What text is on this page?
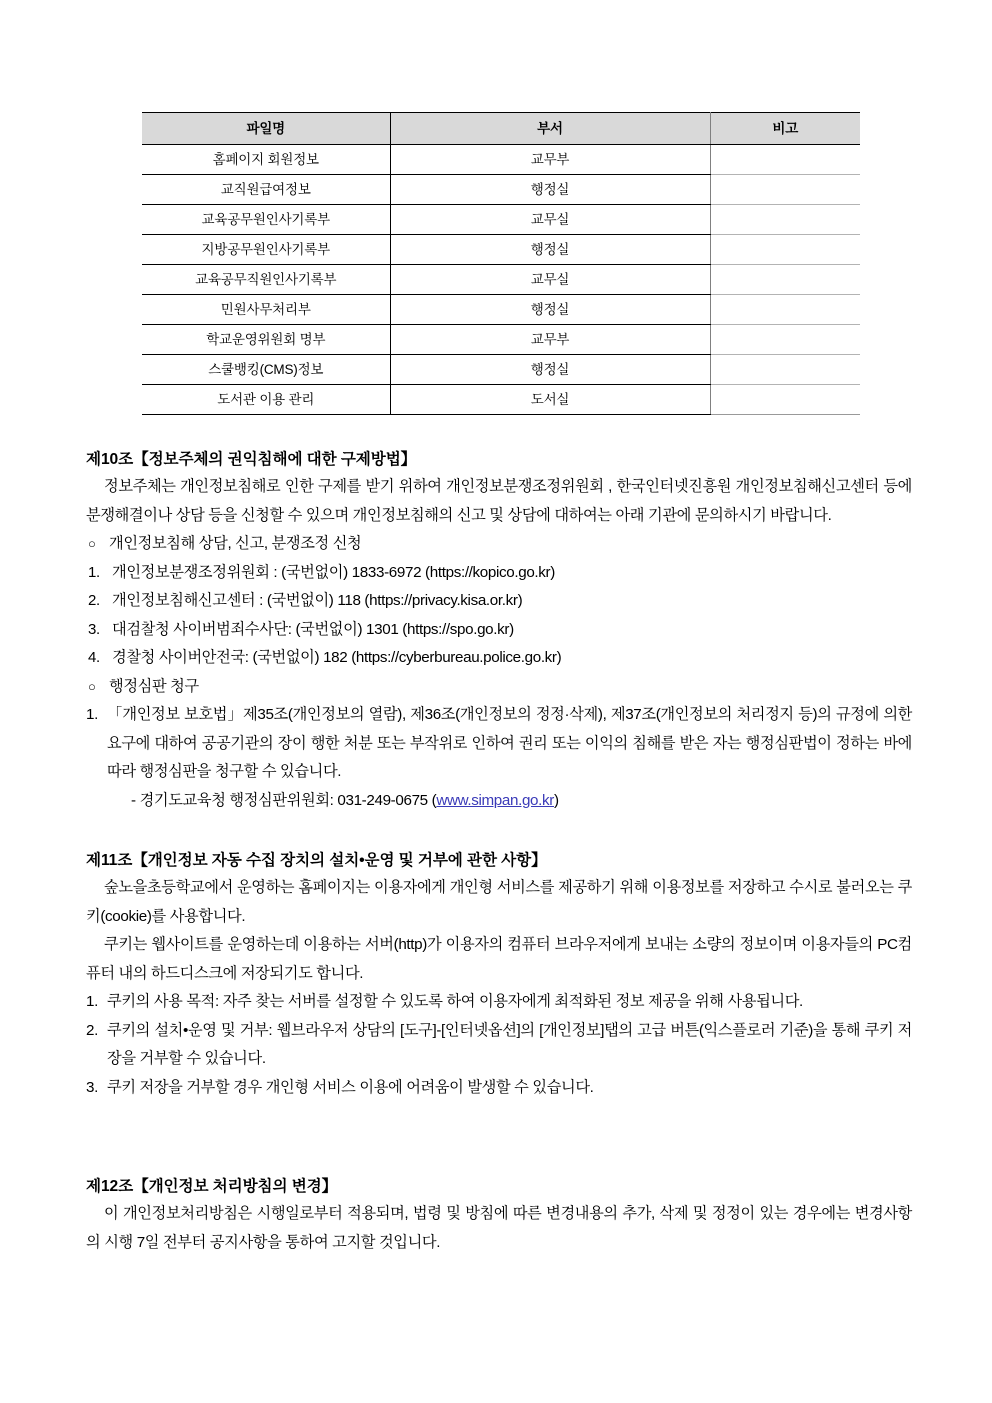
파일명	부서	비고
홈페이지 회원정보	교무부	
교직원급여정보	행정실	
교육공무원인사기록부	교무실	
지방공무원인사기록부	행정실	
교육공무직원인사기록부	교무실	
민원사무처리부	행정실	
학교운영위원회 명부	교무부	
스쿨뱅킹(CMS)정보	행정실	
도서관 이용 관리	도서실	
제10조【정보주체의 권익침해에 대한 구제방법】

정보주체는 개인정보침해로 인한 구제를 받기 위하여 개인정보분쟁조정위원회 , 한국인터넷진흥원 개인정보침해신고센터 등에 분쟁해결이나 상담 등을 신청할 수 있으며 개인정보침해의 신고 및 상담에 대하여는 아래 기관에 문의하시기 바랍니다.

○ 개인정보침해 상담, 신고, 분쟁조정 신청
1. 개인정보분쟁조정위원회 : (국번없이) 1833-6972 (https://kopico.go.kr)
2. 개인정보침해신고센터 : (국번없이) 118 (https://privacy.kisa.or.kr)
3. 대검찰청 사이버범죄수사단: (국번없이) 1301 (https://spo.go.kr)
4. 경찰청 사이버안전국: (국번없이) 182 (https://cyberbureau.police.go.kr)
○ 행정심판 청구
1. 「개인정보 보호법」제35조(개인정보의 열람), 제36조(개인정보의 정정·삭제), 제37조(개인정보의 처리정지 등)의 규정에 의한 요구에 대하여 공공기관의 장이 행한 처분 또는 부작위로 인하여 권리 또는 이익의 침해를 받은 자는 행정심판법이 정하는 바에 따라 행정심판을 청구할 수 있습니다.
- 경기도교육청 행정심판위원회: 031-249-0675 (www.simpan.go.kr)
제11조【개인정보 자동 수집 장치의 설치•운영 및 거부에 관한 사항】

숲노을초등학교에서 운영하는 홈페이지는 이용자에게 개인형 서비스를 제공하기 위해 이용정보를 저장하고 수시로 불러오는 쿠키(cookie)를 사용합니다.

쿠키는 웹사이트를 운영하는데 이용하는 서버(http)가 이용자의 컴퓨터 브라우저에게 보내는 소량의 정보이며 이용자들의 PC컴퓨터 내의 하드디스크에 저장되기도 합니다.

1. 쿠키의 사용 목적: 자주 찾는 서버를 설정할 수 있도록 하여 이용자에게 최적화된 정보 제공을 위해 사용됩니다.
2. 쿠키의 설치•운영 및 거부: 웹브라우저 상담의 [도구]-[인터넷옵션]의 [개인정보]탭의 고급 버튼(익스플로러 기준)을 통해 쿠키 저장을 거부할 수 있습니다.
3. 쿠키 저장을 거부할 경우 개인형 서비스 이용에 어려움이 발생할 수 있습니다.
제12조【개인정보 처리방침의 변경】

이 개인정보처리방침은 시행일로부터 적용되며, 법령 및 방침에 따른 변경내용의 추가, 삭제 및 정정이 있는 경우에는 변경사항의 시행 7일 전부터 공지사항을 통하여 고지할 것입니다.
